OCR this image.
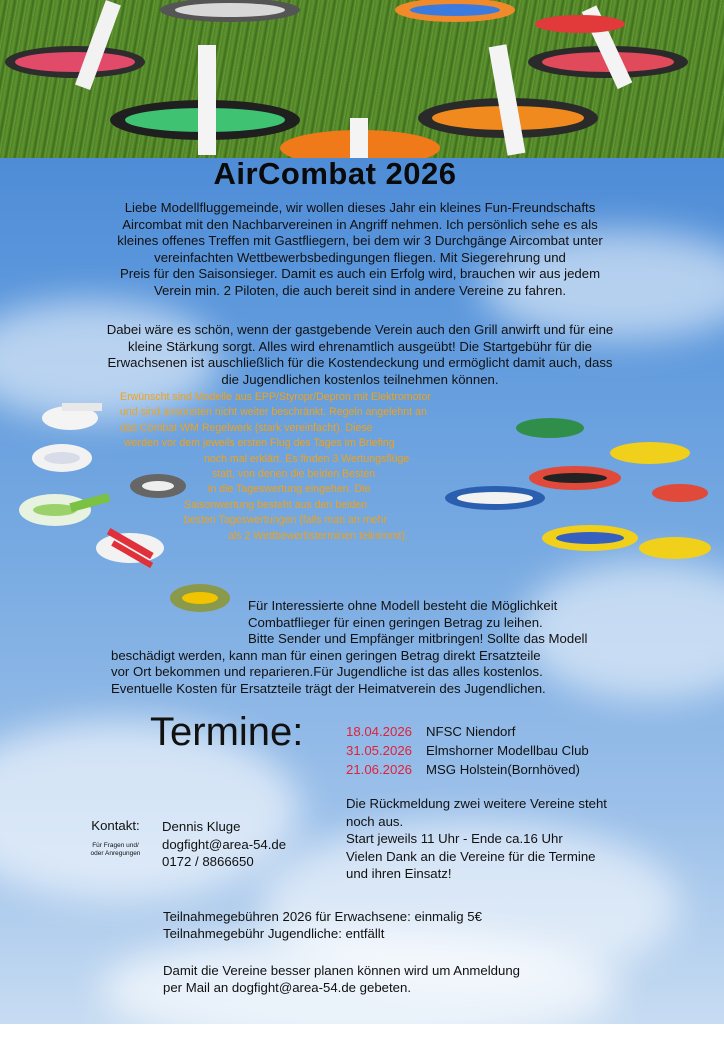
AirCombat 2026
Liebe Modellfluggemeinde, wir wollen dieses Jahr ein kleines Fun-Freundschafts
Aircombat mit den Nachbarvereinen in Angriff nehmen. Ich persönlich sehe es als
kleines offenes Treffen mit Gastfliegern, bei dem wir 3 Durchgänge Aircombat unter
vereinfachten Wettbewerbsbedingungen fliegen. Mit Siegerehrung und
Preis für den Saisonsieger. Damit es auch ein Erfolg wird, brauchen wir aus jedem
Verein min. 2 Piloten, die auch bereit sind in andere Vereine zu fahren.
Dabei wäre es schön, wenn der gastgebende Verein auch den Grill anwirft und für eine
kleine Stärkung sorgt. Alles wird ehrenamtlich ausgeübt! Die Startgebühr für die
Erwachsenen ist auschließlich für die Kostendeckung und ermöglicht damit auch, dass
die Jugendlichen kostenlos teilnehmen können.
Erwünscht sind Modelle aus EPP/Styropr/Depron mit Elektromotor
und sind ansonsten nicht weiter beschränkt. Regeln angelehnt an
das Combat WM Regelwerk (stark vereinfacht). Diese
werden vor dem jeweils ersten Flug des Tages im Briefing
noch mal erklärt. Es finden 3 Wertungsflüge
statt, von denen die beiden Besten
in die Tageswertung eingehen. Die
Saisonwertung besteht aus den beiden
besten Tageswertungen (falls man an mehr
als 2 Wettbewerbsterminen teilnimmt).
Für Interessierte ohne Modell besteht die Möglichkeit
Combatflieger für einen geringen Betrag zu leihen.
Bitte Sender und Empfänger mitbringen! Sollte das Modell
beschädigt werden, kann man für einen geringen Betrag direkt Ersatzteile
vor Ort bekommen und reparieren.Für Jugendliche ist das alles kostenlos.
Eventuelle Kosten für Ersatzteile trägt der Heimatverein des Jugendlichen.
Termine:	18.04.2026 NFSC Niendorf
31.05.2026 Elmshorner Modellbau Club
21.06.2026 MSG Holstein(Bornhöved)
Die Rückmeldung zwei weitere Vereine steht
noch aus.
Start jeweils 11 Uhr - Ende ca.16 Uhr
Vielen Dank an die Vereine für die Termine
und ihren Einsatz!
Kontakt:
Für Fragen und/
oder Anregungen
Dennis Kluge
dogfight@area-54.de
0172 / 8866650
Teilnahmegebühren 2026 für Erwachsene: einmalig 5€
Teilnahmegebühr Jugendliche: entfällt
Damit die Vereine besser planen können wird um Anmeldung
per Mail an dogfight@area-54.de gebeten.
